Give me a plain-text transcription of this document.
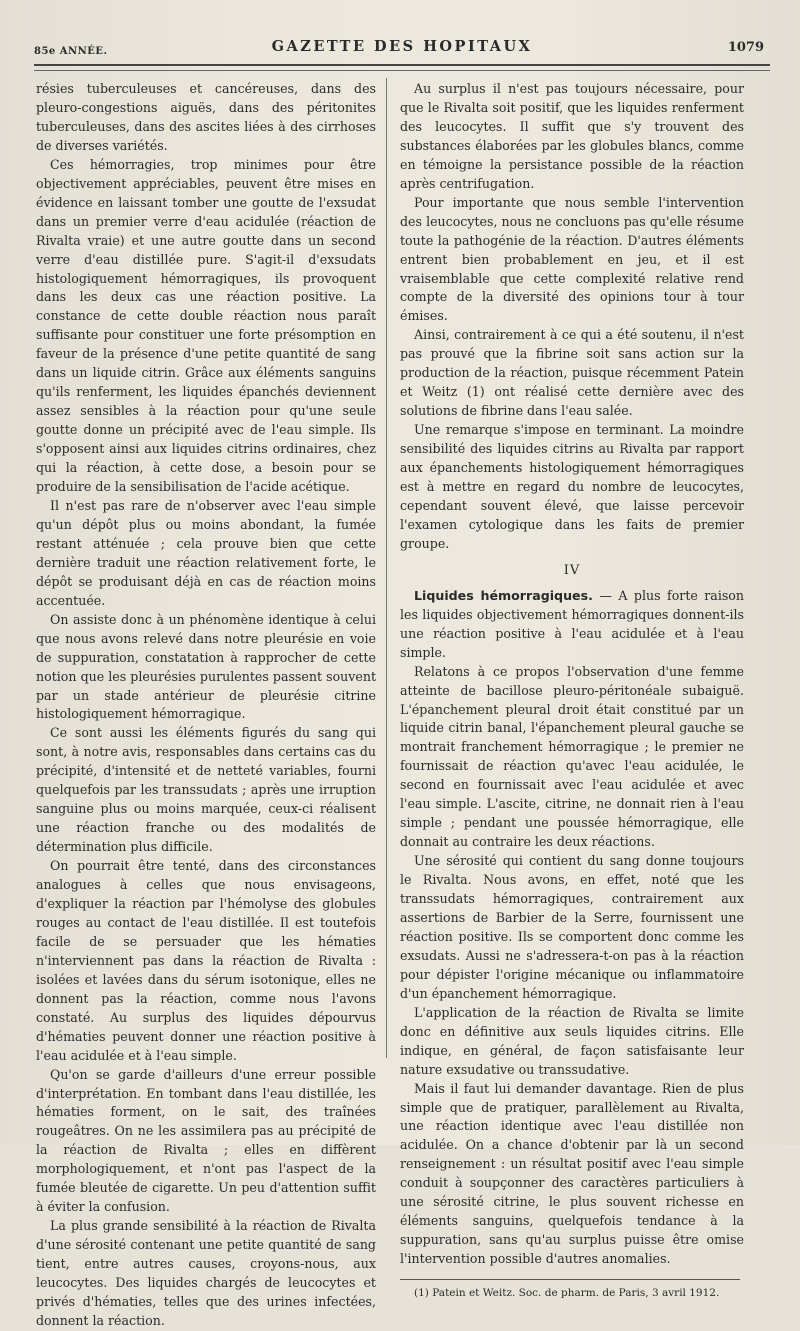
85e ANNÉE.	GAZETTE DES HOPITAUX	1079

résies tuberculeuses et cancéreuses, dans des pleuro-congestions aiguës, dans des péritonites tuberculeuses, dans des ascites liées à des cirrhoses de diverses variétés.

Ces hémorragies, trop minimes pour être objectivement appréciables, peuvent être mises en évidence en laissant tomber une goutte de l'exsudat dans un premier verre d'eau acidulée (réaction de Rivalta vraie) et une autre goutte dans un second verre d'eau distillée pure. S'agit-il d'exsudats histologiquement hémorragiques, ils provoquent dans les deux cas une réaction positive. La constance de cette double réaction nous paraît suffisante pour constituer une forte présomption en faveur de la présence d'une petite quantité de sang dans un liquide citrin. Grâce aux éléments sanguins qu'ils renferment, les liquides épanchés deviennent assez sensibles à la réaction pour qu'une seule goutte donne un précipité avec de l'eau simple. Ils s'opposent ainsi aux liquides citrins ordinaires, chez qui la réaction, à cette dose, a besoin pour se produire de la sensibilisation de l'acide acétique.

Il n'est pas rare de n'observer avec l'eau simple qu'un dépôt plus ou moins abondant, la fumée restant atténuée ; cela prouve bien que cette dernière traduit une réaction relativement forte, le dépôt se produisant déjà en cas de réaction moins accentuée.

On assiste donc à un phénomène identique à celui que nous avons relevé dans notre pleurésie en voie de suppuration, constatation à rapprocher de cette notion que les pleurésies purulentes passent souvent par un stade antérieur de pleurésie citrine histologiquement hémorragique.

Ce sont aussi les éléments figurés du sang qui sont, à notre avis, responsables dans certains cas du précipité, d'intensité et de netteté variables, fourni quelquefois par les transsudats ; après une irruption sanguine plus ou moins marquée, ceux-ci réalisent une réaction franche ou des modalités de détermination plus difficile.

On pourrait être tenté, dans des circonstances analogues à celles que nous envisageons, d'expliquer la réaction par l'hémolyse des globules rouges au contact de l'eau distillée. Il est toutefois facile de se persuader que les hématies n'interviennent pas dans la réaction de Rivalta : isolées et lavées dans du sérum isotonique, elles ne donnent pas la réaction, comme nous l'avons constaté. Au surplus des liquides dépourvus d'hématies peuvent donner une réaction positive à l'eau acidulée et à l'eau simple.

Qu'on se garde d'ailleurs d'une erreur possible d'interprétation. En tombant dans l'eau distillée, les hématies forment, on le sait, des traînées rougeâtres. On ne les assimilera pas au précipité de la réaction de Rivalta ; elles en diffèrent morphologiquement, et n'ont pas l'aspect de la fumée bleutée de cigarette. Un peu d'attention suffit à éviter la confusion.

La plus grande sensibilité à la réaction de Rivalta d'une sérosité contenant une petite quantité de sang tient, entre autres causes, croyons-nous, aux leucocytes. Des liquides chargés de leucocytes et privés d'hématies, telles que des urines infectées, donnent la réaction.

Au surplus il n'est pas toujours nécessaire, pour que le Rivalta soit positif, que les liquides renferment des leucocytes. Il suffit que s'y trouvent des substances élaborées par les globules blancs, comme en témoigne la persistance possible de la réaction après centrifugation.

Pour importante que nous semble l'intervention des leucocytes, nous ne concluons pas qu'elle résume toute la pathogénie de la réaction. D'autres éléments entrent bien probablement en jeu, et il est vraisemblable que cette complexité relative rend compte de la diversité des opinions tour à tour émises.

Ainsi, contrairement à ce qui a été soutenu, il n'est pas prouvé que la fibrine soit sans action sur la production de la réaction, puisque récemment Patein et Weitz (1) ont réalisé cette dernière avec des solutions de fibrine dans l'eau salée.

Une remarque s'impose en terminant. La moindre sensibilité des liquides citrins au Rivalta par rapport aux épanchements histologiquement hémorragiques est à mettre en regard du nombre de leucocytes, cependant souvent élevé, que laisse percevoir l'examen cytologique dans les faits de premier groupe.

IV

Liquides hémorragiques. — A plus forte raison les liquides objectivement hémorragiques donnent-ils une réaction positive à l'eau acidulée et à l'eau simple.

Relatons à ce propos l'observation d'une femme atteinte de bacillose pleuro-péritonéale subaiguë. L'épanchement pleural droit était constitué par un liquide citrin banal, l'épanchement pleural gauche se montrait franchement hémorragique ; le premier ne fournissait de réaction qu'avec l'eau acidulée, le second en fournissait avec l'eau acidulée et avec l'eau simple. L'ascite, citrine, ne donnait rien à l'eau simple ; pendant une poussée hémorragique, elle donnait au contraire les deux réactions.

Une sérosité qui contient du sang donne toujours le Rivalta. Nous avons, en effet, noté que les transsudats hémorragiques, contrairement aux assertions de Barbier de la Serre, fournissent une réaction positive. Ils se comportent donc comme les exsudats. Aussi ne s'adressera-t-on pas à la réaction pour dépister l'origine mécanique ou inflammatoire d'un épanchement hémorragique.

L'application de la réaction de Rivalta se limite donc en définitive aux seuls liquides citrins. Elle indique, en général, de façon satisfaisante leur nature exsudative ou transsudative.

Mais il faut lui demander davantage. Rien de plus simple que de pratiquer, parallèlement au Rivalta, une réaction identique avec l'eau distillée non acidulée. On a chance d'obtenir par là un second renseignement : un résultat positif avec l'eau simple conduit à soupçonner des caractères particuliers à une sérosité citrine, le plus souvent richesse en éléments sanguins, quelquefois tendance à la suppuration, sans qu'au surplus puisse être omise l'intervention possible d'autres anomalies.

(1) Patein et Weitz. Soc. de pharm. de Paris, 3 avril 1912.
